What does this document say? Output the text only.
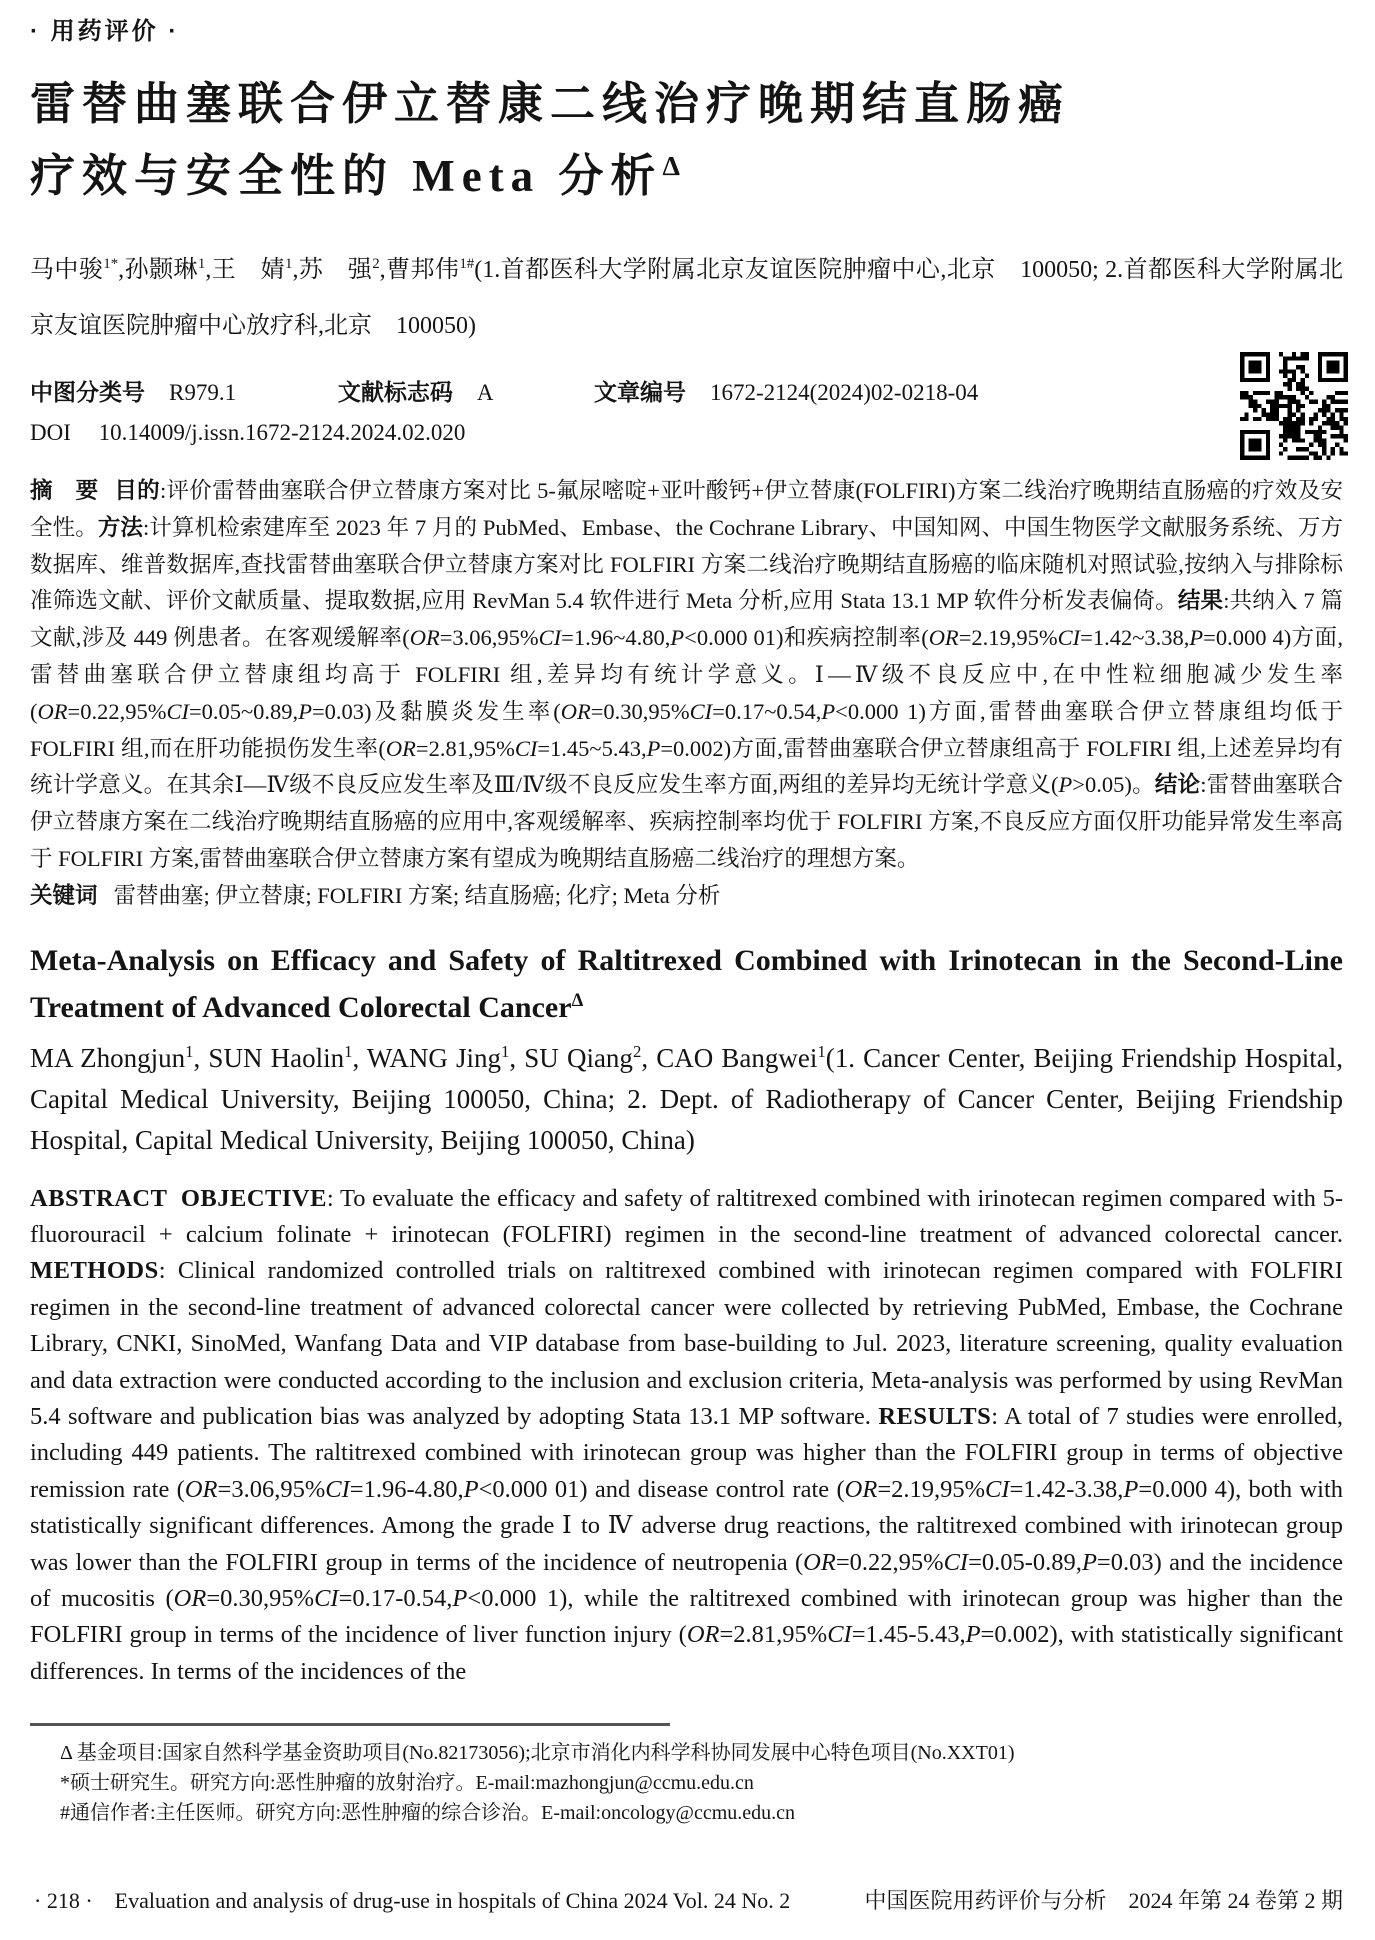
· 用药评价 ·
雷替曲塞联合伊立替康二线治疗晚期结直肠癌
疗效与安全性的 Meta 分析$^\Delta$

马中骏$^{1*}$,孙颢琳$^1$,王　婧$^1$,苏　强$^2$,曹邦伟$^{1\#}$(1.首都医科大学附属北京友谊医院肿瘤中心,北京　100050; 2.首都医科大学附属北京友谊医院肿瘤中心放疗科,北京　100050)

中图分类号 R979.1	文献标志码 A	文章编号 1672-2124(2024)02-0218-04
DOI 10.14009/j.issn.1672-2124.2024.02.020

摘　要 目的:评价雷替曲塞联合伊立替康方案对比 5-氟尿嘧啶+亚叶酸钙+伊立替康(FOLFIRI)方案二线治疗晚期结直肠癌的疗效及安全性。方法:计算机检索建库至 2023 年 7 月的 PubMed、Embase、the Cochrane Library、中国知网、中国生物医学文献服务系统、万方数据库、维普数据库,查找雷替曲塞联合伊立替康方案对比 FOLFIRI 方案二线治疗晚期结直肠癌的临床随机对照试验,按纳入与排除标准筛选文献、评价文献质量、提取数据,应用 RevMan 5.4 软件进行 Meta 分析,应用 Stata 13.1 MP 软件分析发表偏倚。结果:共纳入 7 篇文献,涉及 449 例患者。在客观缓解率(OR=3.06,95%CI=1.96~4.80,P<0.000 01)和疾病控制率(OR=2.19,95%CI=1.42~3.38,P=0.000 4)方面,雷替曲塞联合伊立替康组均高于 FOLFIRI 组,差异均有统计学意义。Ⅰ—Ⅳ级不良反应中,在中性粒细胞减少发生率(OR=0.22,95%CI=0.05~0.89,P=0.03)及黏膜炎发生率(OR=0.30,95%CI=0.17~0.54,P<0.000 1)方面,雷替曲塞联合伊立替康组均低于 FOLFIRI 组,而在肝功能损伤发生率(OR=2.81,95%CI=1.45~5.43,P=0.002)方面,雷替曲塞联合伊立替康组高于 FOLFIRI 组,上述差异均有统计学意义。在其余Ⅰ—Ⅳ级不良反应发生率及Ⅲ/Ⅳ级不良反应发生率方面,两组的差异均无统计学意义(P>0.05)。结论:雷替曲塞联合伊立替康方案在二线治疗晚期结直肠癌的应用中,客观缓解率、疾病控制率均优于 FOLFIRI 方案,不良反应方面仅肝功能异常发生率高于 FOLFIRI 方案,雷替曲塞联合伊立替康方案有望成为晚期结直肠癌二线治疗的理想方案。

关键词 雷替曲塞; 伊立替康; FOLFIRI 方案; 结直肠癌; 化疗; Meta 分析

Meta-Analysis on Efficacy and Safety of Raltitrexed Combined with Irinotecan in the Second-Line Treatment of Advanced Colorectal Cancer$^\Delta$

MA Zhongjun$^1$, SUN Haolin$^1$, WANG Jing$^1$, SU Qiang$^2$, CAO Bangwei$^1$(1. Cancer Center, Beijing Friendship Hospital, Capital Medical University, Beijing 100050, China; 2. Dept. of Radiotherapy of Cancer Center, Beijing Friendship Hospital, Capital Medical University, Beijing 100050, China)

ABSTRACT OBJECTIVE: To evaluate the efficacy and safety of raltitrexed combined with irinotecan regimen compared with 5-fluorouracil + calcium folinate + irinotecan (FOLFIRI) regimen in the second-line treatment of advanced colorectal cancer. METHODS: Clinical randomized controlled trials on raltitrexed combined with irinotecan regimen compared with FOLFIRI regimen in the second-line treatment of advanced colorectal cancer were collected by retrieving PubMed, Embase, the Cochrane Library, CNKI, SinoMed, Wanfang Data and VIP database from base-building to Jul. 2023, literature screening, quality evaluation and data extraction were conducted according to the inclusion and exclusion criteria, Meta-analysis was performed by using RevMan 5.4 software and publication bias was analyzed by adopting Stata 13.1 MP software. RESULTS: A total of 7 studies were enrolled, including 449 patients. The raltitrexed combined with irinotecan group was higher than the FOLFIRI group in terms of objective remission rate (OR=3.06,95%CI=1.96-4.80,P<0.000 01) and disease control rate (OR=2.19,95%CI=1.42-3.38,P=0.000 4), both with statistically significant differences. Among the grade Ⅰ to Ⅳ adverse drug reactions, the raltitrexed combined with irinotecan group was lower than the FOLFIRI group in terms of the incidence of neutropenia (OR=0.22,95%CI=0.05-0.89,P=0.03) and the incidence of mucositis (OR=0.30,95%CI=0.17-0.54,P<0.000 1), while the raltitrexed combined with irinotecan group was higher than the FOLFIRI group in terms of the incidence of liver function injury (OR=2.81,95%CI=1.45-5.43,P=0.002), with statistically significant differences. In terms of the incidences of the

Δ 基金项目:国家自然科学基金资助项目(No.82173056);北京市消化内科学科协同发展中心特色项目(No.XXT01)
*硕士研究生。研究方向:恶性肿瘤的放射治疗。E-mail:mazhongjun@ccmu.edu.cn
#通信作者:主任医师。研究方向:恶性肿瘤的综合诊治。E-mail:oncology@ccmu.edu.cn
· 218 ·　Evaluation and analysis of drug-use in hospitals of China 2024 Vol. 24 No. 2	中国医院用药评价与分析　2024 年第 24 卷第 2 期
